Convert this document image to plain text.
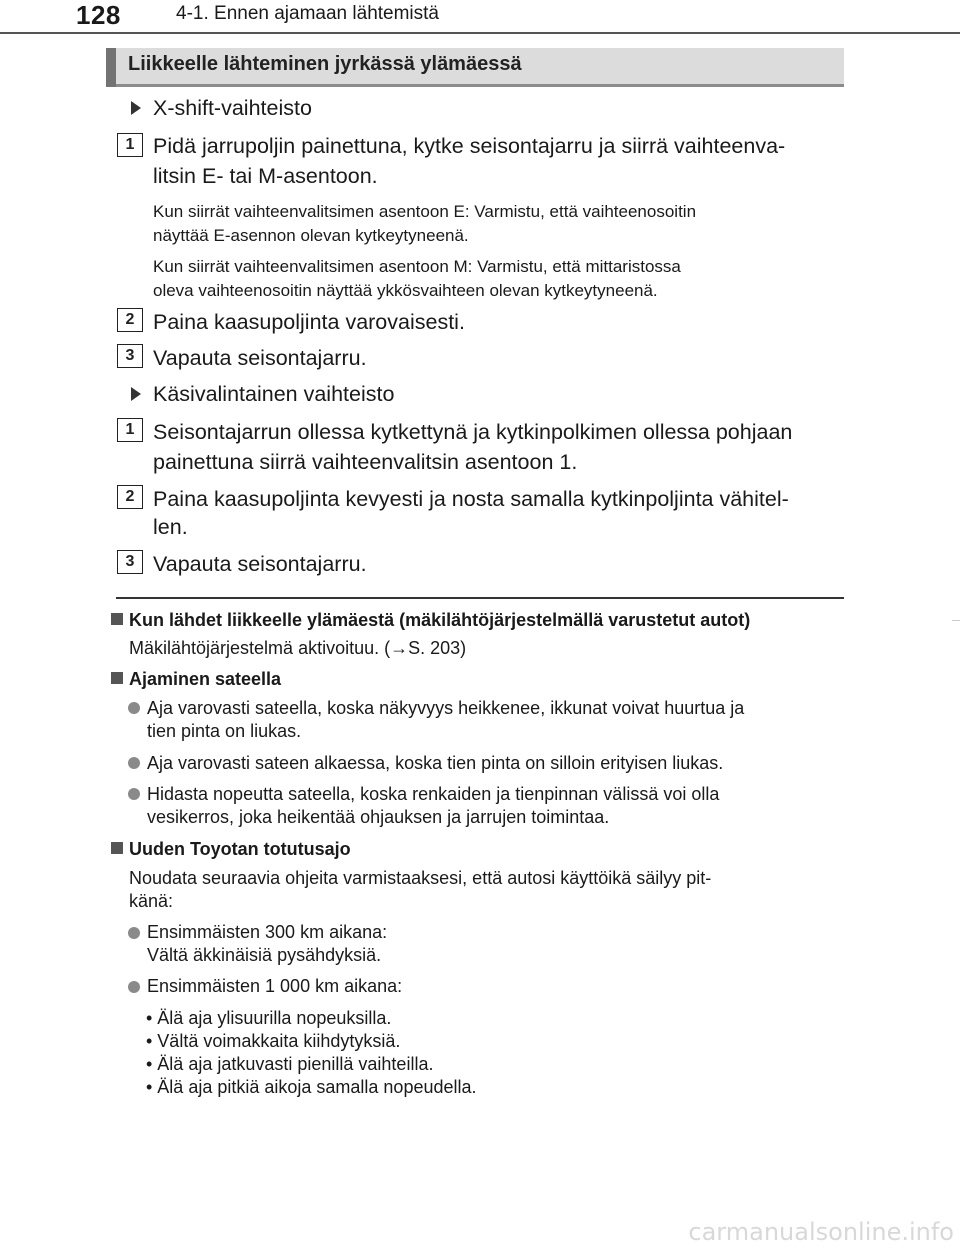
128	4-1. Ennen ajamaan lähtemistä
Liikkeelle lähteminen jyrkässä ylämäessä
X-shift-vaihteisto
1 Pidä jarrupoljin painettuna, kytke seisontajarru ja siirrä vaihteenva-
litsin E- tai M-asentoon.
Kun siirrät vaihteenvalitsimen asentoon E: Varmistu, että vaihteenosoitin
näyttää E-asennon olevan kytkeytyneenä.
Kun siirrät vaihteenvalitsimen asentoon M: Varmistu, että mittaristossa
oleva vaihteenosoitin näyttää ykkösvaihteen olevan kytkeytyneenä.
2 Paina kaasupoljinta varovaisesti.
3 Vapauta seisontajarru.
Käsivalintainen vaihteisto
1 Seisontajarrun ollessa kytkettynä ja kytkinpolkimen ollessa pohjaan
painettuna siirrä vaihteenvalitsin asentoon 1.
2 Paina kaasupoljinta kevyesti ja nosta samalla kytkinpoljinta vähitel-
len.
3 Vapauta seisontajarru.
Kun lähdet liikkeelle ylämäestä (mäkilähtöjärjestelmällä varustetut autot)
Mäkilähtöjärjestelmä aktivoituu. (→S. 203)
Ajaminen sateella
Aja varovasti sateella, koska näkyvyys heikkenee, ikkunat voivat huurtua ja
tien pinta on liukas.
Aja varovasti sateen alkaessa, koska tien pinta on silloin erityisen liukas.
Hidasta nopeutta sateella, koska renkaiden ja tienpinnan välissä voi olla
vesikerros, joka heikentää ohjauksen ja jarrujen toimintaa.
Uuden Toyotan totutusajo
Noudata seuraavia ohjeita varmistaaksesi, että autosi käyttöikä säilyy pit-
känä:
Ensimmäisten 300 km aikana:
Vältä äkkinäisiä pysähdyksiä.
Ensimmäisten 1 000 km aikana:
• Älä aja ylisuurilla nopeuksilla.
• Vältä voimakkaita kiihdytyksiä.
• Älä aja jatkuvasti pienillä vaihteilla.
• Älä aja pitkiä aikoja samalla nopeudella.
carmanualsonline.info
